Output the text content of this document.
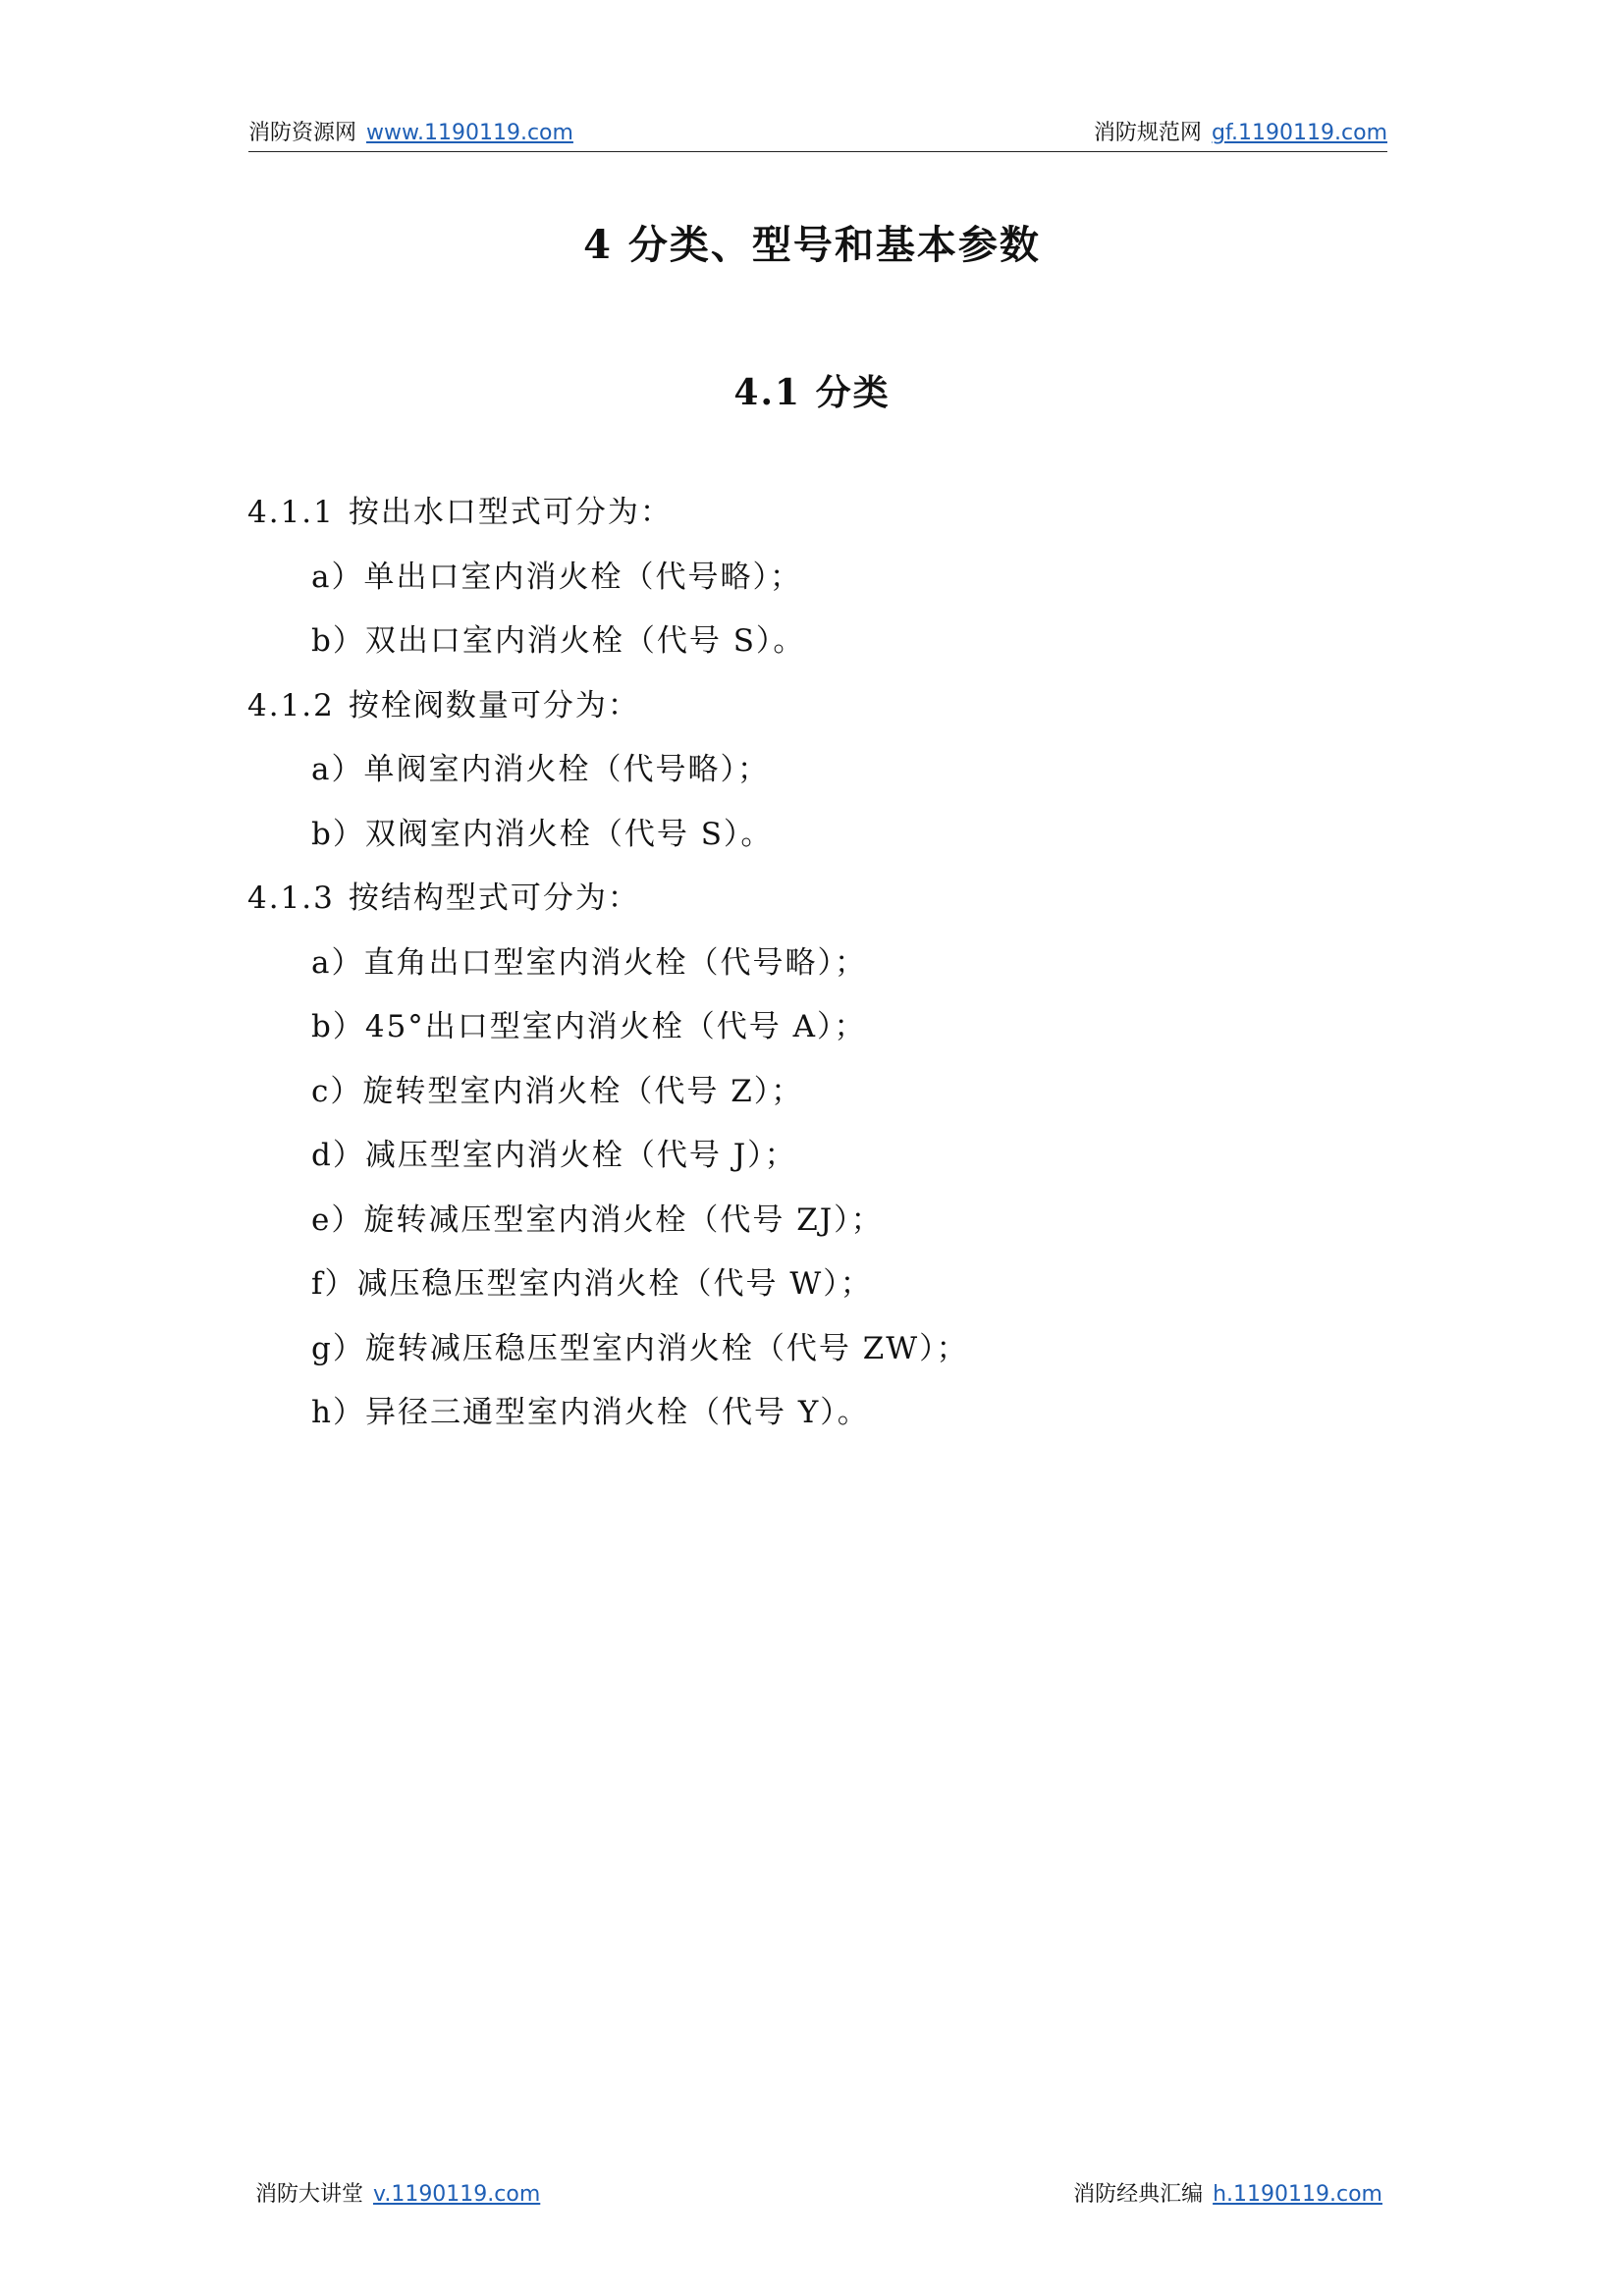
消防资源网 www.1190119.com	消防规范网 gf.1190119.com
4 分类、型号和基本参数
4.1 分类

4.1.1 按出水口型式可分为：

a）单出口室内消火栓（代号略）；

b）双出口室内消火栓（代号 S）。

4.1.2 按栓阀数量可分为：

a）单阀室内消火栓（代号略）；

b）双阀室内消火栓（代号 S）。

4.1.3 按结构型式可分为：

a）直角出口型室内消火栓（代号略）；

b）45°出口型室内消火栓（代号 A）；

c）旋转型室内消火栓（代号 Z）；

d）减压型室内消火栓（代号 J）；

e）旋转减压型室内消火栓（代号 ZJ）；

f）减压稳压型室内消火栓（代号 W）；

g）旋转减压稳压型室内消火栓（代号 ZW）；

h）异径三通型室内消火栓（代号 Y）。

消防大讲堂 v.1190119.com	消防经典汇编 h.1190119.com
